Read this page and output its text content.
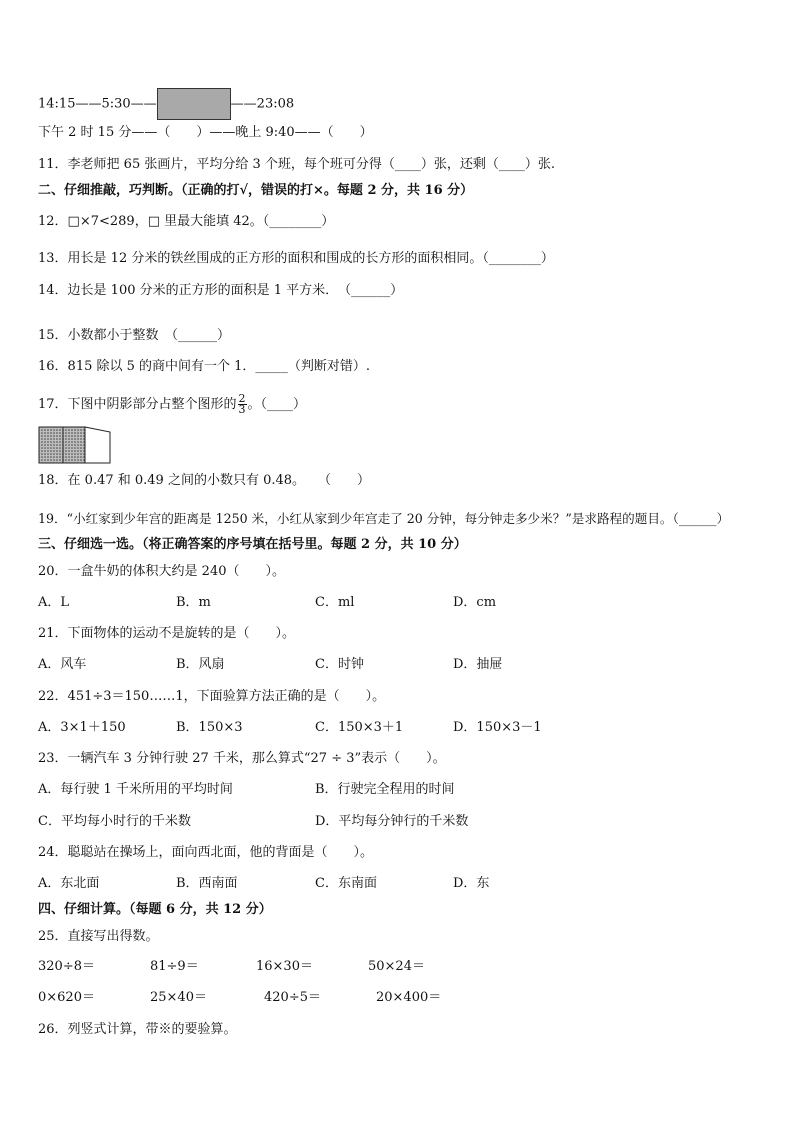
14:15——5:30——	——23:08
下午 2 时 15 分——（　　）——晚上 9:40——（　　）
11．李老师把 65 张画片，平均分给 3 个班，每个班可分得（____）张，还剩（____）张.
二、仔细推敲，巧判断。（正确的打√，错误的打×。每题 2 分，共 16 分）
12．□×7<289，□ 里最大能填 42。（________）
13．用长是 12 分米的铁丝围成的正方形的面积和围成的长方形的面积相同。（________）
14．边长是 100 分米的正方形的面积是 1 平方米．　（______）
15．小数都小于整数　（______）
16．815 除以 5 的商中间有一个 1．_____（判断对错）.
17．下图中阴影部分占整个图形的 $\frac{2}{3}$ 。（____）
18．在 0.47 和 0.49 之间的小数只有 0.48。　　（　　）
19．“小红家到少年宫的距离是 1250 米，小红从家到少年宫走了 20 分钟，每分钟走多少米？”是求路程的题目。（______）
三、仔细选一选。（将正确答案的序号填在括号里。每题 2 分，共 10 分）
20．一盒牛奶的体积大约是 240（　　）。
A．L	B．m	C．ml	D．cm
21．下面物体的运动不是旋转的是（　　）。
A．风车	B．风扇	C．时钟	D．抽屉
22．451÷3＝150……1，下面验算方法正确的是（　　）。
A．3×1＋150	B．150×3	C．150×3＋1	D．150×3－1
23．一辆汽车 3 分钟行驶 27 千米，那么算式“27 ÷ 3”表示（　　）。
A．每行驶 1 千米所用的平均时间	B．行驶完全程用的时间
C．平均每小时行的千米数	D．平均每分钟行的千米数
24．聪聪站在操场上，面向西北面，他的背面是（　　）。
A．东北面	B．西南面	C．东南面	D．东
四、仔细计算。（每题 6 分，共 12 分）
25．直接写出得数。
320÷8＝	81÷9＝	16×30＝	50×24＝
0×620＝	25×40＝	420÷5＝	20×400＝
26．列竖式计算，带※的要验算。
